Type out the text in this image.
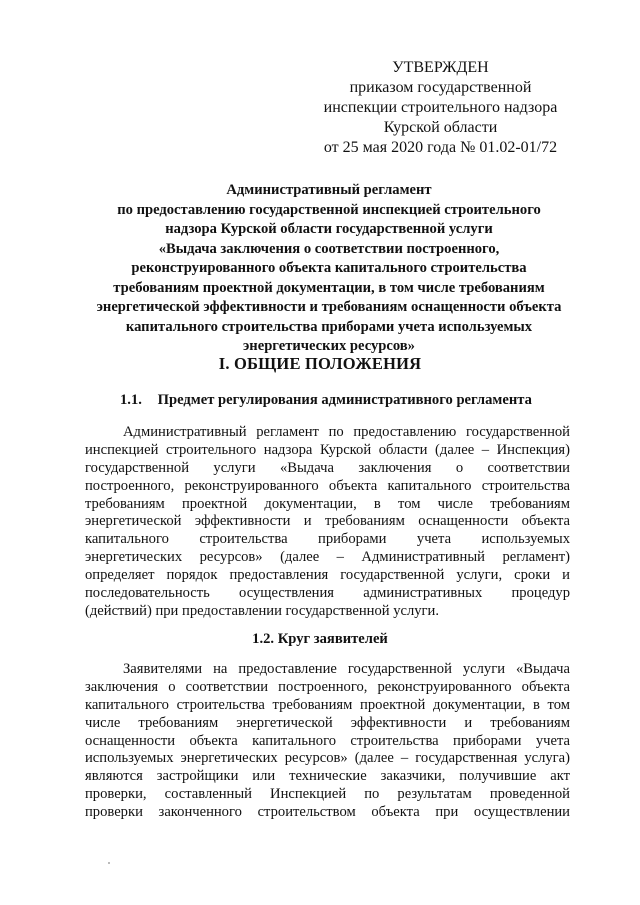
УТВЕРЖДЕН
приказом государственной
инспекции строительного надзора
Курской области
от 25 мая 2020 года № 01.02-01/72
Административный регламент
по предоставлению государственной инспекцией строительного
надзора Курской области государственной услуги
«Выдача заключения о соответствии построенного,
реконструированного объекта капитального строительства
требованиям проектной документации, в том числе требованиям
энергетической эффективности и требованиям оснащенности объекта
капитального строительства приборами учета используемых
энергетических ресурсов»
I. ОБЩИЕ ПОЛОЖЕНИЯ
1.1. Предмет регулирования административного регламента
Административный регламент по предоставлению государственной
инспекцией строительного надзора Курской области (далее – Инспекция)
государственной услуги «Выдача заключения о соответствии
построенного, реконструированного объекта капитального строительства
требованиям проектной документации, в том числе требованиям
энергетической эффективности и требованиям оснащенности объекта
капитального строительства приборами учета используемых
энергетических ресурсов» (далее – Административный регламент)
определяет порядок предоставления государственной услуги, сроки и
последовательность осуществления административных процедур
(действий) при предоставлении государственной услуги.
1.2. Круг заявителей
Заявителями на предоставление государственной услуги «Выдача
заключения о соответствии построенного, реконструированного объекта
капитального строительства требованиям проектной документации, в том
числе требованиям энергетической эффективности и требованиям
оснащенности объекта капитального строительства приборами учета
используемых энергетических ресурсов» (далее – государственная услуга)
являются застройщики или технические заказчики, получившие акт
проверки, составленный Инспекцией по результатам проведенной
проверки законченного строительством объекта при осуществлении
